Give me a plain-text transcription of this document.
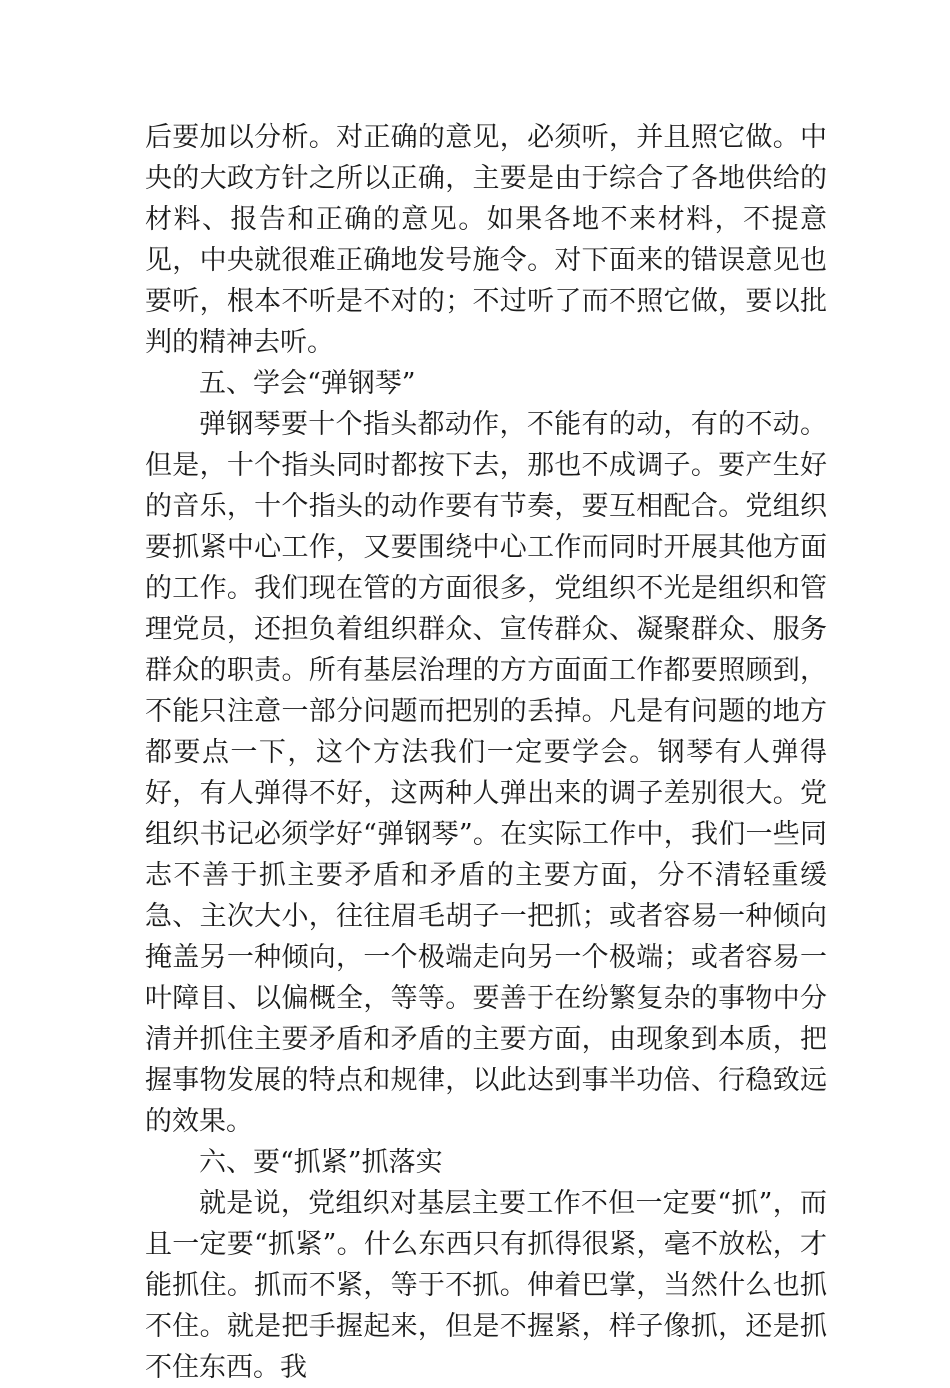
后要加以分析。对正确的意见，必须听，并且照它做。中央的大政方针之所以正确，主要是由于综合了各地供给的材料、报告和正确的意见。如果各地不来材料，不提意见，中央就很难正确地发号施令。对下面来的错误意见也要听，根本不听是不对的；不过听了而不照它做，要以批判的精神去听。

五、学会“弹钢琴”

弹钢琴要十个指头都动作，不能有的动，有的不动。但是，十个指头同时都按下去，那也不成调子。要产生好的音乐，十个指头的动作要有节奏，要互相配合。党组织要抓紧中心工作，又要围绕中心工作而同时开展其他方面的工作。我们现在管的方面很多，党组织不光是组织和管理党员，还担负着组织群众、宣传群众、凝聚群众、服务群众的职责。所有基层治理的方方面面工作都要照顾到，不能只注意一部分问题而把别的丢掉。凡是有问题的地方都要点一下，这个方法我们一定要学会。钢琴有人弹得好，有人弹得不好，这两种人弹出来的调子差别很大。党组织书记必须学好“弹钢琴”。在实际工作中，我们一些同志不善于抓主要矛盾和矛盾的主要方面，分不清轻重缓急、主次大小，往往眉毛胡子一把抓；或者容易一种倾向掩盖另一种倾向，一个极端走向另一个极端；或者容易一叶障目、以偏概全，等等。要善于在纷繁复杂的事物中分清并抓住主要矛盾和矛盾的主要方面，由现象到本质，把握事物发展的特点和规律，以此达到事半功倍、行稳致远的效果。

六、要“抓紧”抓落实

就是说，党组织对基层主要工作不但一定要“抓”，而且一定要“抓紧”。什么东西只有抓得很紧，毫不放松，才能抓住。抓而不紧，等于不抓。伸着巴掌，当然什么也抓不住。就是把手握起来，但是不握紧，样子像抓，还是抓不住东西。我
